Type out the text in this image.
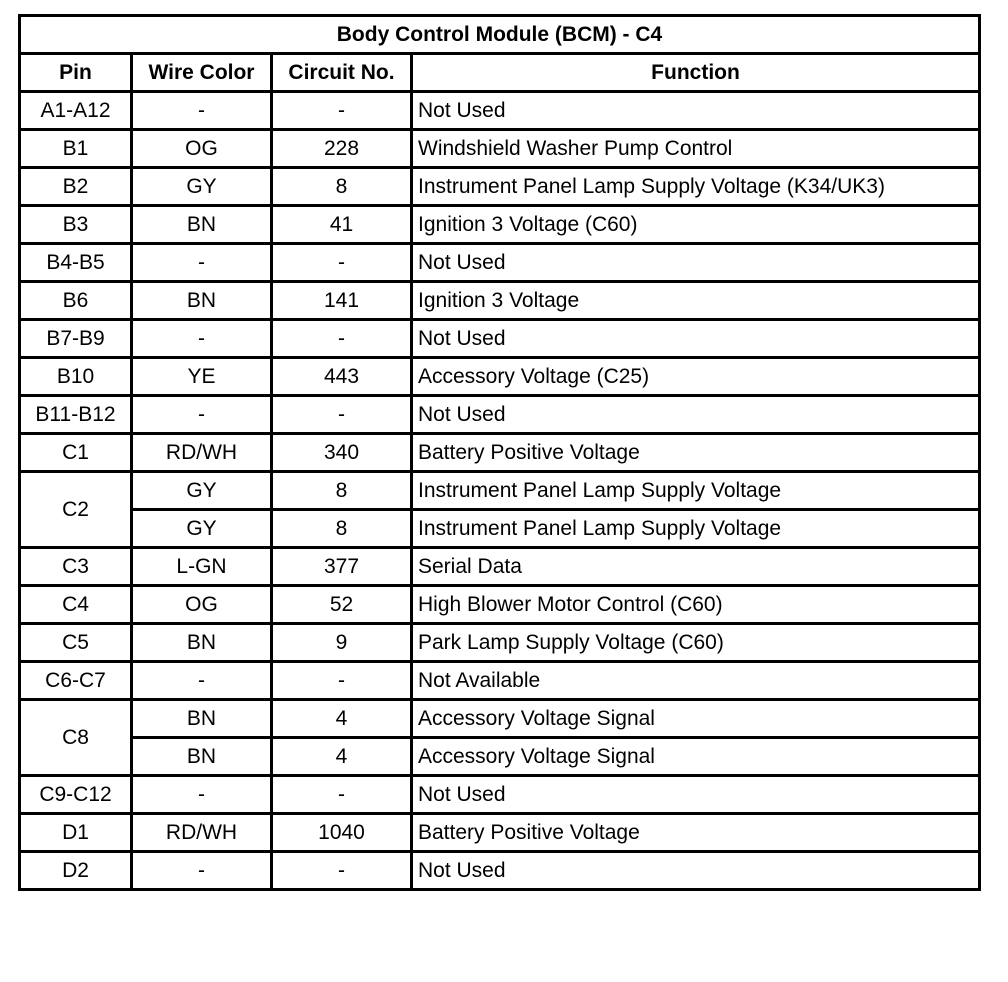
Body Control Module (BCM) - C4			
Pin	Wire Color	Circuit No.	Function
A1-A12	-	-	Not Used
B1	OG	228	Windshield Washer Pump Control
B2	GY	8	Instrument Panel Lamp Supply Voltage (K34/UK3)
B3	BN	41	Ignition 3 Voltage (C60)
B4-B5	-	-	Not Used
B6	BN	141	Ignition 3 Voltage
B7-B9	-	-	Not Used
B10	YE	443	Accessory Voltage (C25)
B11-B12	-	-	Not Used
C1	RD/WH	340	Battery Positive Voltage
C2	GY	8	Instrument Panel Lamp Supply Voltage
	GY	8	Instrument Panel Lamp Supply Voltage
C3	L-GN	377	Serial Data
C4	OG	52	High Blower Motor Control (C60)
C5	BN	9	Park Lamp Supply Voltage (C60)
C6-C7	-	-	Not Available
C8	BN	4	Accessory Voltage Signal
	BN	4	Accessory Voltage Signal
C9-C12	-	-	Not Used
D1	RD/WH	1040	Battery Positive Voltage
D2	-	-	Not Used
